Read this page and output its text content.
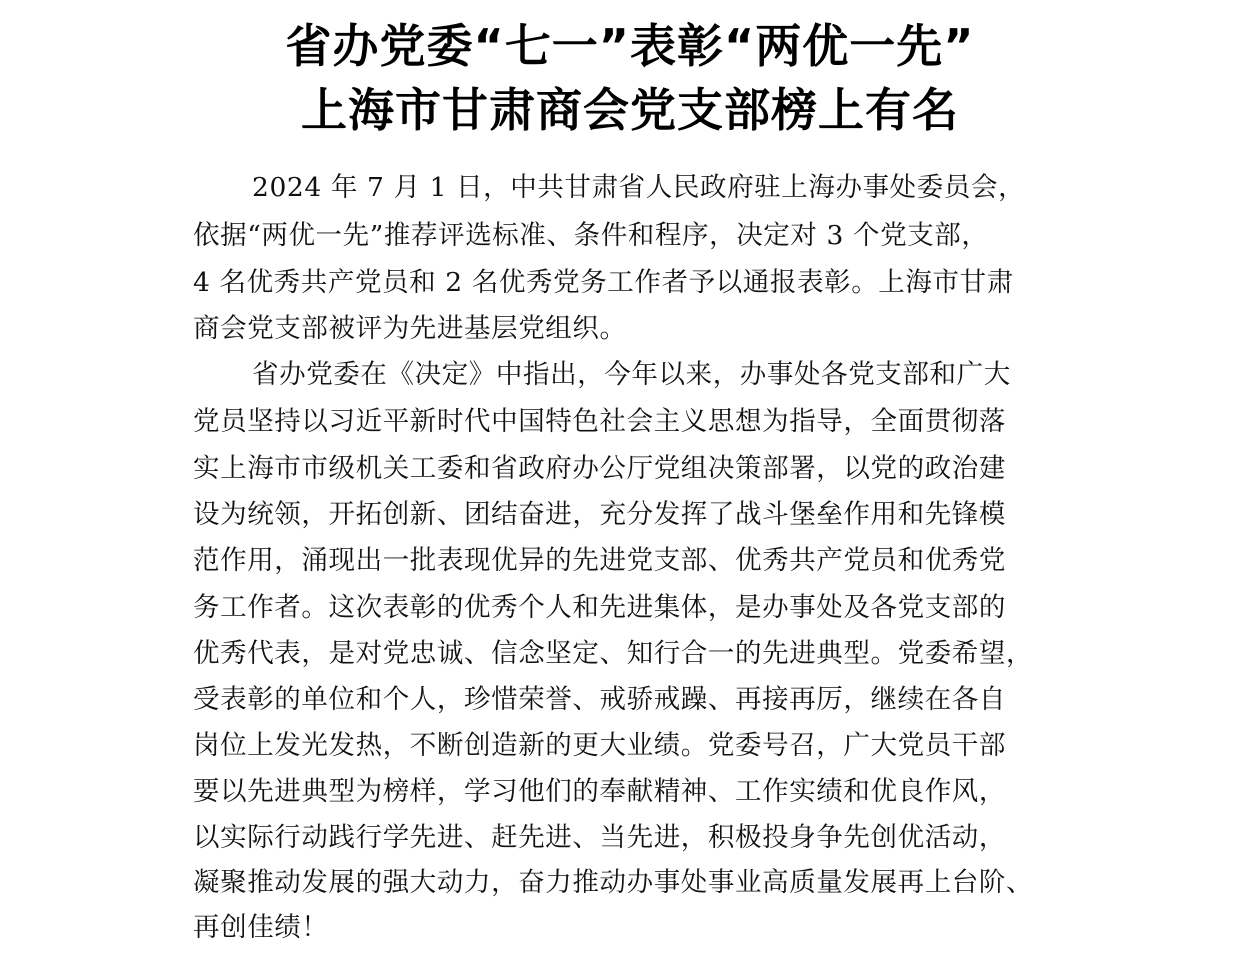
省办党委“七一”表彰“两优一先”
上海市甘肃商会党支部榜上有名
2024 年 7 月 1 日，中共甘肃省人民政府驻上海办事处委员会，
依据“两优一先”推荐评选标准、条件和程序，决定对 3 个党支部，
4 名优秀共产党员和 2 名优秀党务工作者予以通报表彰。上海市甘肃
商会党支部被评为先进基层党组织。
省办党委在《决定》中指出，今年以来，办事处各党支部和广大
党员坚持以习近平新时代中国特色社会主义思想为指导，全面贯彻落
实上海市市级机关工委和省政府办公厅党组决策部署，以党的政治建
设为统领，开拓创新、团结奋进，充分发挥了战斗堡垒作用和先锋模
范作用，涌现出一批表现优异的先进党支部、优秀共产党员和优秀党
务工作者。这次表彰的优秀个人和先进集体，是办事处及各党支部的
优秀代表，是对党忠诚、信念坚定、知行合一的先进典型。党委希望，
受表彰的单位和个人，珍惜荣誉、戒骄戒躁、再接再厉，继续在各自
岗位上发光发热，不断创造新的更大业绩。党委号召，广大党员干部
要以先进典型为榜样，学习他们的奉献精神、工作实绩和优良作风，
以实际行动践行学先进、赶先进、当先进，积极投身争先创优活动，
凝聚推动发展的强大动力，奋力推动办事处事业高质量发展再上台阶、
再创佳绩！
